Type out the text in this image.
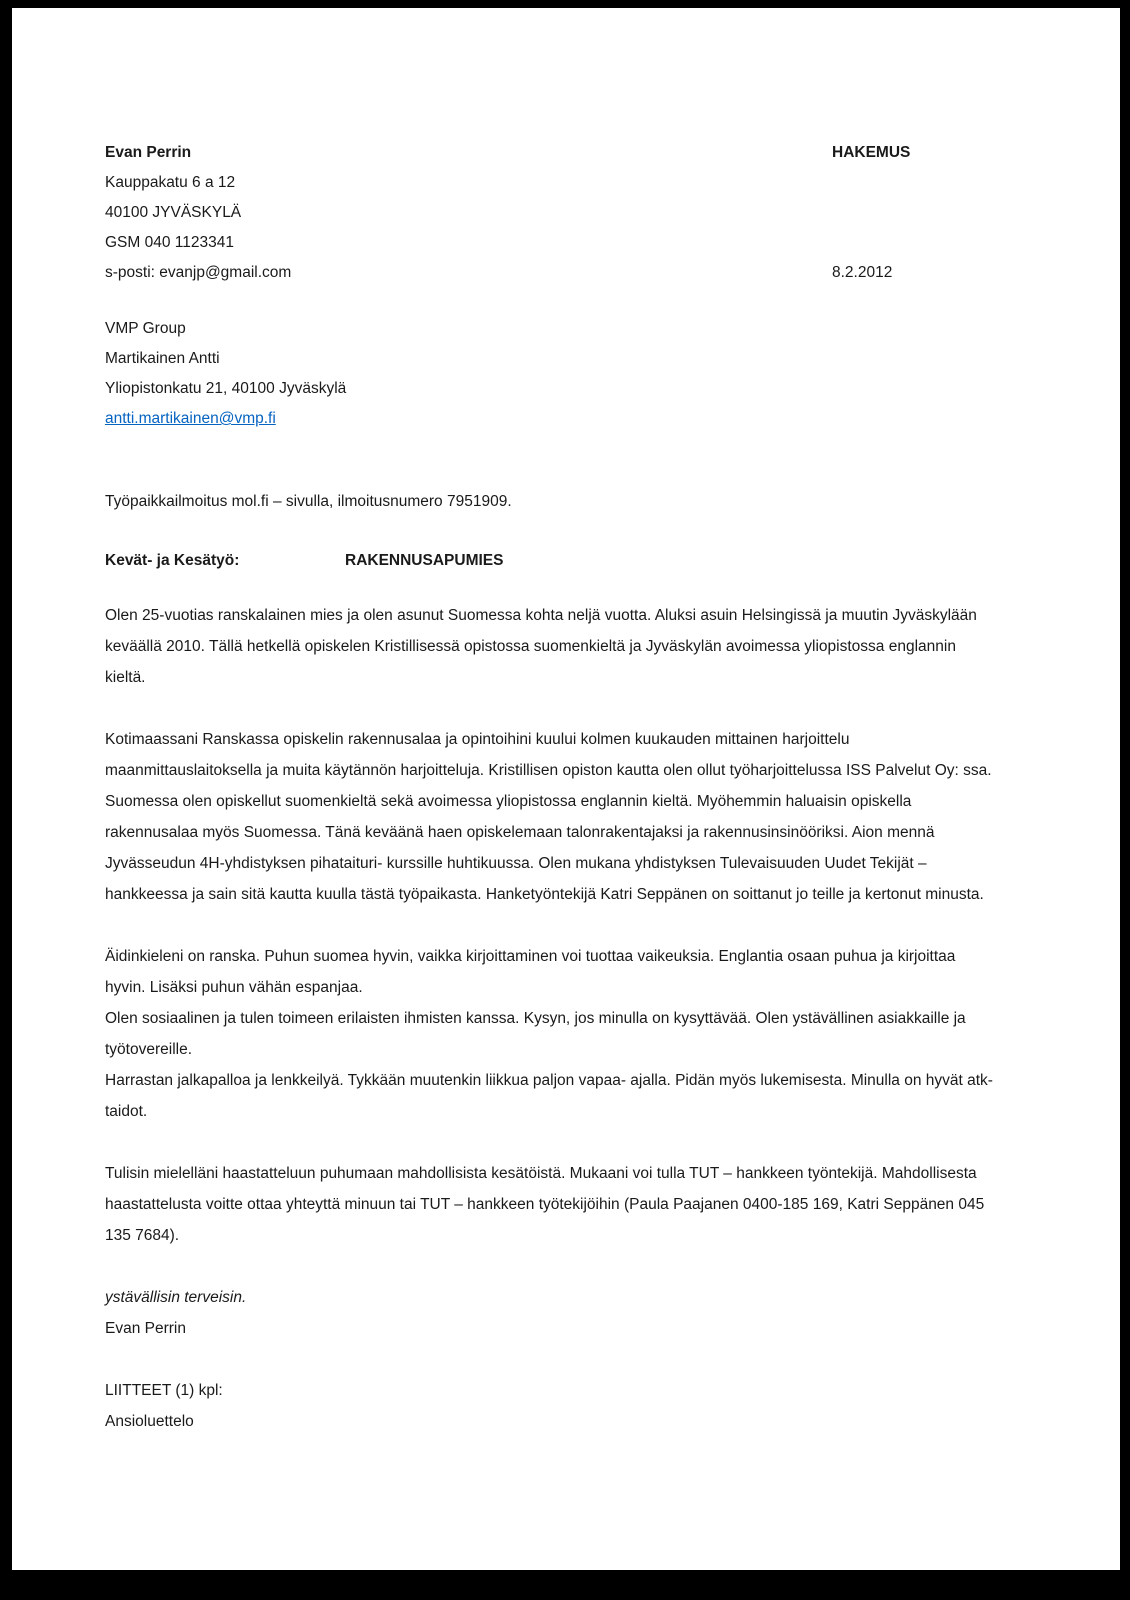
Evan Perrin
Kauppakatu 6 a 12
40100 JYVÄSKYLÄ
GSM 040 1123341
s-posti: evanjp@gmail.com
HAKEMUS
8.2.2012
VMP Group
Martikainen Antti
Yliopistonkatu 21, 40100 Jyväskylä
antti.martikainen@vmp.fi
Työpaikkailmoitus mol.fi – sivulla, ilmoitusnumero 7951909.
Kevät- ja Kesätyö:	RAKENNUSAPUMIES

Olen 25-vuotias ranskalainen mies ja olen asunut Suomessa kohta neljä vuotta. Aluksi asuin Helsingissä ja muutin Jyväskylään keväällä 2010. Tällä hetkellä opiskelen Kristillisessä opistossa suomenkieltä ja Jyväskylän avoimessa yliopistossa englannin kieltä.

Kotimaassani Ranskassa opiskelin rakennusalaa ja opintoihini kuului kolmen kuukauden mittainen harjoittelu maanmittauslaitoksella ja muita käytännön harjoitteluja. Kristillisen opiston kautta olen ollut työharjoittelussa ISS Palvelut Oy: ssa. Suomessa olen opiskellut suomenkieltä sekä avoimessa yliopistossa englannin kieltä. Myöhemmin haluaisin opiskella rakennusalaa myös Suomessa. Tänä keväänä haen opiskelemaan talonrakentajaksi ja rakennusinsinööriksi. Aion mennä Jyvässeudun 4H-yhdistyksen pihataituri- kurssille huhtikuussa. Olen mukana yhdistyksen Tulevaisuuden Uudet Tekijät – hankkeessa ja sain sitä kautta kuulla tästä työpaikasta. Hanketyöntekijä Katri Seppänen on soittanut jo teille ja kertonut minusta.

Äidinkieleni on ranska. Puhun suomea hyvin, vaikka kirjoittaminen voi tuottaa vaikeuksia. Englantia osaan puhua ja kirjoittaa hyvin. Lisäksi puhun vähän espanjaa.

Olen sosiaalinen ja tulen toimeen erilaisten ihmisten kanssa. Kysyn, jos minulla on kysyttävää. Olen ystävällinen asiakkaille ja työtovereille.

Harrastan jalkapalloa ja lenkkeilyä. Tykkään muutenkin liikkua paljon vapaa- ajalla. Pidän myös lukemisesta. Minulla on hyvät atk-taidot.

Tulisin mielelläni haastatteluun puhumaan mahdollisista kesätöistä. Mukaani voi tulla TUT – hankkeen työntekijä. Mahdollisesta haastattelusta voitte ottaa yhteyttä minuun tai TUT – hankkeen työtekijöihin (Paula Paajanen 0400-185 169, Katri Seppänen 045 135 7684).

ystävällisin terveisin.
Evan Perrin
LIITTEET (1) kpl:
Ansioluettelo
